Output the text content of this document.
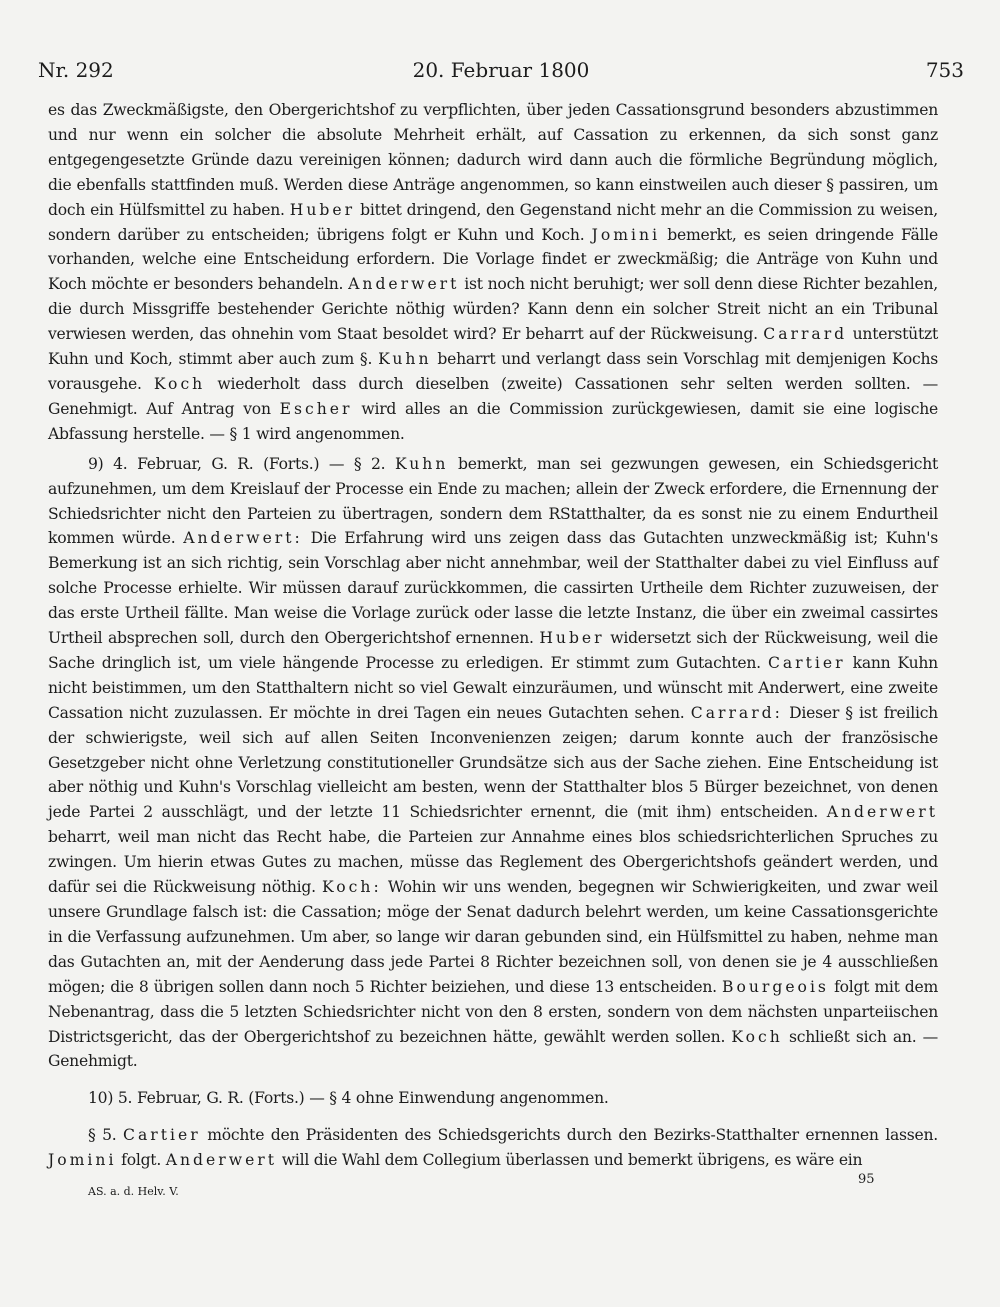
Nr. 292	20. Februar 1800	753

es das Zweckmäßigste, den Obergerichtshof zu verpflichten, über jeden Cassationsgrund besonders abzustimmen und nur wenn ein solcher die absolute Mehrheit erhält, auf Cassation zu erkennen, da sich sonst ganz entgegengesetzte Gründe dazu vereinigen können; dadurch wird dann auch die förmliche Begründung möglich, die ebenfalls stattfinden muß. Werden diese Anträge angenommen, so kann einstweilen auch dieser § passiren, um doch ein Hülfsmittel zu haben. Huber bittet dringend, den Gegenstand nicht mehr an die Commission zu weisen, sondern darüber zu entscheiden; übrigens folgt er Kuhn und Koch. Jomini bemerkt, es seien dringende Fälle vorhanden, welche eine Entscheidung erfordern. Die Vorlage findet er zweckmäßig; die Anträge von Kuhn und Koch möchte er besonders behandeln. Anderwert ist noch nicht beruhigt; wer soll denn diese Richter bezahlen, die durch Missgriffe bestehender Gerichte nöthig würden? Kann denn ein solcher Streit nicht an ein Tribunal verwiesen werden, das ohnehin vom Staat besoldet wird? Er beharrt auf der Rückweisung. Carrard unterstützt Kuhn und Koch, stimmt aber auch zum §. Kuhn beharrt und verlangt dass sein Vorschlag mit demjenigen Kochs vorausgehe. Koch wiederholt dass durch dieselben (zweite) Cassationen sehr selten werden sollten. — Genehmigt. Auf Antrag von Escher wird alles an die Commission zurückgewiesen, damit sie eine logische Abfassung herstelle. — § 1 wird angenommen.

9) 4. Februar, G. R. (Forts.) — § 2. Kuhn bemerkt, man sei gezwungen gewesen, ein Schiedsgericht aufzunehmen, um dem Kreislauf der Processe ein Ende zu machen; allein der Zweck erfordere, die Ernennung der Schiedsrichter nicht den Parteien zu übertragen, sondern dem RStatthalter, da es sonst nie zu einem Endurtheil kommen würde. Anderwert: Die Erfahrung wird uns zeigen dass das Gutachten unzweckmäßig ist; Kuhn's Bemerkung ist an sich richtig, sein Vorschlag aber nicht annehmbar, weil der Statthalter dabei zu viel Einfluss auf solche Processe erhielte. Wir müssen darauf zurückkommen, die cassirten Urtheile dem Richter zuzuweisen, der das erste Urtheil fällte. Man weise die Vorlage zurück oder lasse die letzte Instanz, die über ein zweimal cassirtes Urtheil absprechen soll, durch den Obergerichtshof ernennen. Huber widersetzt sich der Rückweisung, weil die Sache dringlich ist, um viele hängende Processe zu erledigen. Er stimmt zum Gutachten. Cartier kann Kuhn nicht beistimmen, um den Statthaltern nicht so viel Gewalt einzuräumen, und wünscht mit Anderwert, eine zweite Cassation nicht zuzulassen. Er möchte in drei Tagen ein neues Gutachten sehen. Carrard: Dieser § ist freilich der schwierigste, weil sich auf allen Seiten Inconvenienzen zeigen; darum konnte auch der französische Gesetzgeber nicht ohne Verletzung constitutioneller Grundsätze sich aus der Sache ziehen. Eine Entscheidung ist aber nöthig und Kuhn's Vorschlag vielleicht am besten, wenn der Statthalter blos 5 Bürger bezeichnet, von denen jede Partei 2 ausschlägt, und der letzte 11 Schiedsrichter ernennt, die (mit ihm) entscheiden. Anderwert beharrt, weil man nicht das Recht habe, die Parteien zur Annahme eines blos schiedsrichterlichen Spruches zu zwingen. Um hierin etwas Gutes zu machen, müsse das Reglement des Obergerichtshofs geändert werden, und dafür sei die Rückweisung nöthig. Koch: Wohin wir uns wenden, begegnen wir Schwierigkeiten, und zwar weil unsere Grundlage falsch ist: die Cassation; möge der Senat dadurch belehrt werden, um keine Cassationsgerichte in die Verfassung aufzunehmen. Um aber, so lange wir daran gebunden sind, ein Hülfsmittel zu haben, nehme man das Gutachten an, mit der Aenderung dass jede Partei 8 Richter bezeichnen soll, von denen sie je 4 ausschließen mögen; die 8 übrigen sollen dann noch 5 Richter beiziehen, und diese 13 entscheiden. Bourgeois folgt mit dem Nebenantrag, dass die 5 letzten Schiedsrichter nicht von den 8 ersten, sondern von dem nächsten unparteiischen Districtsgericht, das der Obergerichtshof zu bezeichnen hätte, gewählt werden sollen. Koch schließt sich an. — Genehmigt.

10) 5. Februar, G. R. (Forts.) — § 4 ohne Einwendung angenommen.

§ 5. Cartier möchte den Präsidenten des Schiedsgerichts durch den Bezirks-Statthalter ernennen lassen. Jomini folgt. Anderwert will die Wahl dem Collegium überlassen und bemerkt übrigens, es wäre ein

AS. a. d. Helv. V.
95
